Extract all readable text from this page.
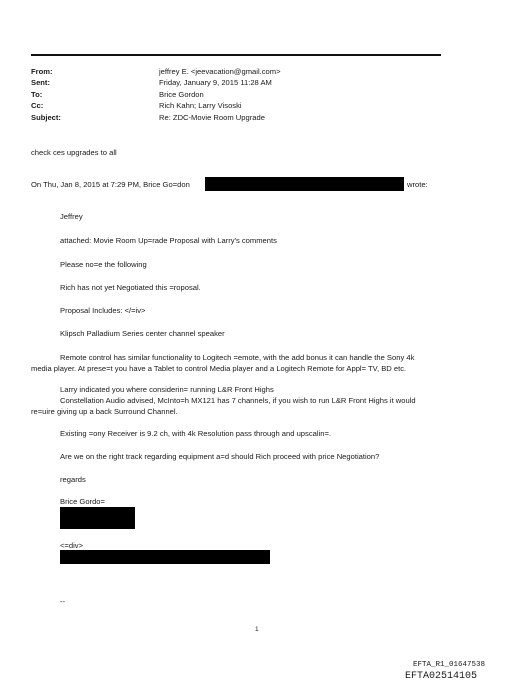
From:	jeffrey E. <jeevacation@gmail.com>
Sent:	Friday, January 9, 2015 11:28 AM
To:	Brice Gordon
Cc:	Rich Kahn; Larry Visoski
Subject:	Re: ZDC-Movie Room Upgrade
check ces upgrades to all
On Thu, Jan 8, 2015 at 7:29 PM, Brice Go=don	wrote:
Jeffrey
attached: Movie Room Up=rade Proposal with Larry's comments
Please no=e the following
Rich has not yet Negotiated this =roposal.
Proposal Includes: </=iv>
Klipsch Palladium Series center channel speaker
Remote control has similar functionality to Logitech =emote, with the add bonus it can handle the Sony 4k
media player. At prese=t you have a Tablet to control Media player and a Logitech Remote for Appl= TV, BD etc.
Larry indicated you where considerin= running L&R Front Highs
Constellation Audio advised, McInto=h MX121 has 7 channels, if you wish to run L&R Front Highs it would
re=uire giving up a back Surround Channel.
Existing =ony Receiver is 9.2 ch, with 4k Resolution pass through and upscalin=.
Are we on the right track regarding equipment a=d should Rich proceed with price Negotiation?
regards
Brice Gordo=
<=div>
--
1
EFTA_R1_01647538
EFTA02514105
